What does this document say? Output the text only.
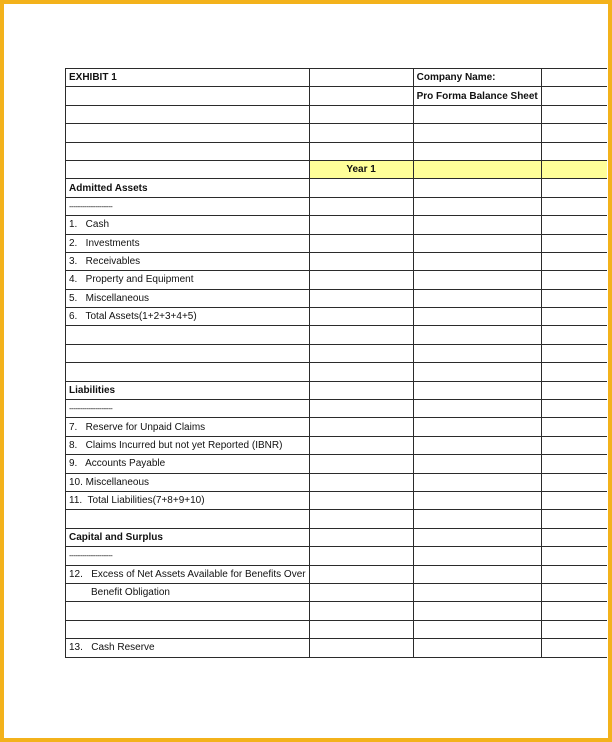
EXHIBIT 1		Company Name:	
		Pro Forma Balance Sheet	

	Year 1		
Admitted Assets			
--------------------			
1.   Cash			
2.   Investments			
3.   Receivables			
4.   Property and Equipment			
5.   Miscellaneous			
6.   Total Assets(1+2+3+4+5)			

Liabilities			
--------------------			
7.   Reserve for Unpaid Claims			
8.   Claims Incurred but not yet Reported (IBNR)			
9.   Accounts Payable			
10. Miscellaneous			
11.  Total Liabilities(7+8+9+10)			

Capital and Surplus			
--------------------			
12.   Excess of Net Assets Available for Benefits Over			
Benefit Obligation			

13.   Cash Reserve			
